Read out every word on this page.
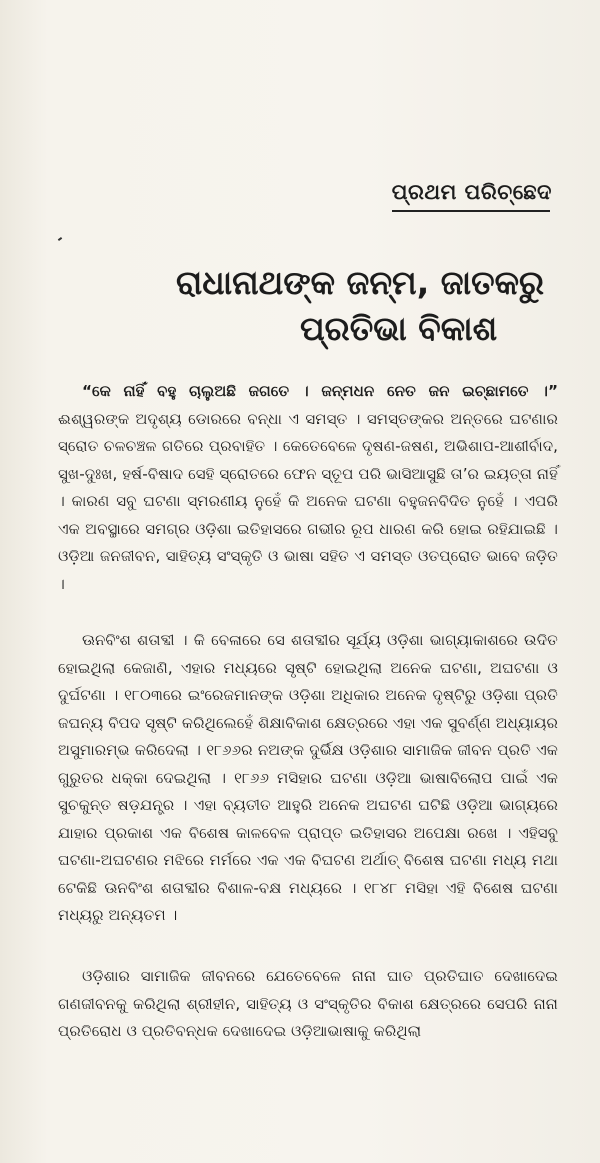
ପ୍ରଥମ ପରିଚ୍ଛେଦ
ରାଧାନାଥଙ୍କ ଜନ୍ମ, ଜାତକରୁ
ପ୍ରତିଭା ବିକାଶ

“କେ ନାହିଁ ବହୁ ଚାଲୁଅଛି ଜଗତେ । ଜନ୍ମଧନ ନେତ ଜନ ଇଚ୍ଛାମତେ ।” ଈଶ୍ୱରଙ୍କ ଅଦୃଶ୍ୟ ଡୋରରେ ବନ୍ଧା ଏ ସମସ୍ତ । ସମସ୍ତଙ୍କର ଅନ୍ତରେ ଘଟଣାର ସ୍ରୋତ ଚଳଚଞ୍ଚଳ ଗତିରେ ପ୍ରବାହିତ । କେତେବେଳେ ଦୃଷଣ-ଜଷଣ, ଅଭିଶାପ-ଆଶୀର୍ବାଦ, ସୁଖ-ଦୁଃଖ, ହର୍ଷ-ବିଷାଦ ସେହି ସ୍ରୋତରେ ଫେନ ସ୍ତୂପ ପରି ଭାସିଆସୁଛି ତା’ର ଇୟତ୍ତା ନାହିଁ । କାରଣ ସବୁ ଘଟଣା ସ୍ମରଣୀୟ ନୁହେଁ କି ଅନେକ ଘଟଣା ବହୁଜନବିଦିତ ନୁହେଁ । ଏପରି ଏକ ଅବସ୍ଥାରେ ସମଗ୍ର ଓଡ଼ିଶା ଇତିହାସରେ ଗଭୀର ରୂପ ଧାରଣ କରି ହୋଇ ରହିଯାଇଛି । ଓଡ଼ିଆ ଜନଜୀବନ, ସାହିତ୍ୟ ସଂସ୍କୃତି ଓ ଭାଷା ସହିତ ଏ ସମସ୍ତ ଓତପ୍ରୋତ ଭାବେ ଜଡ଼ିତ ।

ଊନବିଂଶ ଶତାବ୍ଦୀ । କି ବେଳାରେ ସେ ଶତାବ୍ଦୀର ସୂର୍ଯ୍ୟ ଓଡ଼ିଶା ଭାଗ୍ୟାକାଶରେ ଉଦିତ ହୋଇଥିଲା କେଜାଣି, ଏହାର ମଧ୍ୟରେ ସୃଷ୍ଟି ହୋଇଥିଲା ଅନେକ ଘଟଣା, ଅଘଟଣା ଓ ଦୁର୍ଘଟଣା । ୧୮୦୩ରେ ଇଂରେଜମାନଙ୍କ ଓଡ଼ିଶା ଅଧିକାର ଅନେକ ଦୃଷ୍ଟିରୁ ଓଡ଼ିଶା ପ୍ରତି ଜଘନ୍ୟ ବିପଦ ସୃଷ୍ଟି କରିଥିଲେହେଁ ଶିକ୍ଷାବିକାଶ କ୍ଷେତ୍ରରେ ଏହା ଏକ ସୁବର୍ଣ୍ଣ ଅଧ୍ୟାୟର ଅସୁମାରମ୍ଭ କରିଦେଲା । ୧୮୬୬ର ନଅଙ୍କ ଦୁର୍ଭିକ୍ଷ ଓଡ଼ିଶାର ସାମାଜିକ ଜୀବନ ପ୍ରତି ଏକ ଗୁରୁତର ଧକ୍କା ଦେଇଥିଲା । ୧୮୬୬ ମସିହାର ଘଟଣା ଓଡ଼ିଆ ଭାଷାବିଲୋପ ପାଇଁ ଏକ ସୁଚକୁନ୍ତ ଷଡ଼ଯନ୍ତ୍ର । ଏହା ବ୍ୟତୀତ ଆହୁରି ଅନେକ ଅଘଟଣ ଘଟିଛି ଓଡ଼ିଆ ଭାଗ୍ୟରେ ଯାହାର ପ୍ରକାଶ ଏକ ବିଶେଷ କାଳବେଳ ପ୍ରାପ୍ତ ଇତିହାସର ଅପେକ୍ଷା ରଖେ । ଏହିସବୁ ଘଟଣା-ଅଘଟଣର ମଝିରେ ମର୍ମରେ ଏକ ଏକ ବିଘଟଣ ଅର୍ଥାତ୍ ବିଶେଷ ଘଟଣା ମଧ୍ୟ ମଥା ଟେକିଛି ଊନବିଂଶ ଶତାବ୍ଦୀର ବିଶାଳ-ବକ୍ଷ ମଧ୍ୟରେ । ୧୮୪୮ ମସିହା ଏହି ବିଶେଷ ଘଟଣା ମଧ୍ୟରୁ ଅନ୍ୟତମ ।

ଓଡ଼ିଶାର ସାମାଜିକ ଜୀବନରେ ଯେତେବେଳେ ନାନା ଘାତ ପ୍ରତିଘାତ ଦେଖାଦେଇ ଗଣଜୀବନକୁ କରିଥିଲା ଶ୍ରୀହୀନ, ସାହିତ୍ୟ ଓ ସଂସ୍କୃତିର ବିକାଶ କ୍ଷେତ୍ରରେ ସେପରି ନାନା ପ୍ରତିରୋଧ ଓ ପ୍ରତିବନ୍ଧକ ଦେଖାଦେଇ ଓଡ଼ିଆଭାଷାକୁ କରିଥିଲା
